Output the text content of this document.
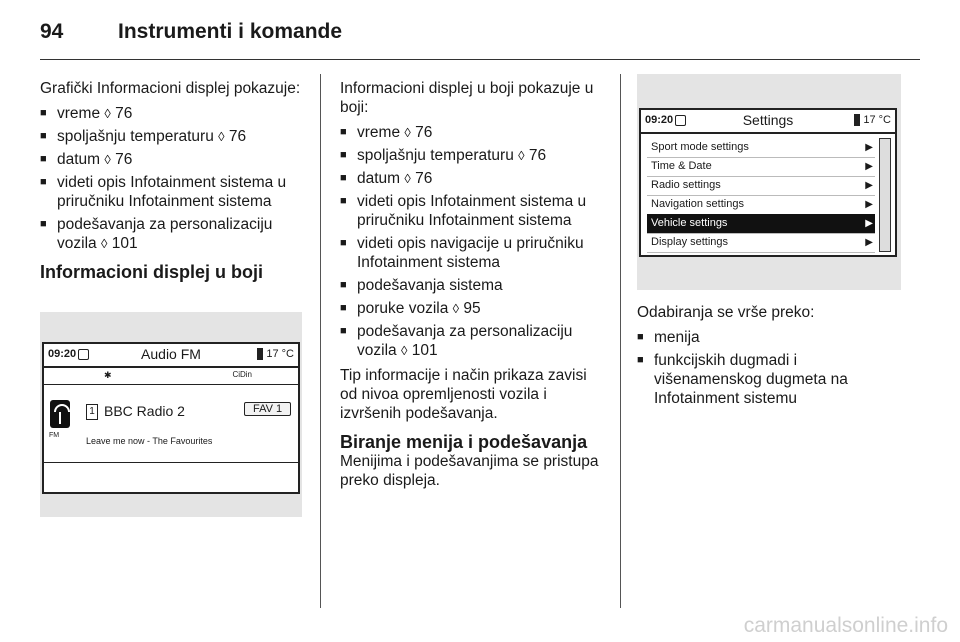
94	Instrumenti i komande

Grafički Informacioni displej pokazuje:

■ vreme ◊ 76
■ spoljašnju temperaturu ◊ 76
■ datum ◊ 76
■ videti opis Infotainment sistema u priručniku Infotainment sistema
■ podešavanja za personalizaciju vozila ◊ 101
Informacioni displej u boji
09:20	Audio FM	17 °C
✱	CiDin
1 BBC Radio 2	FAV 1
FM
Leave me now - The Favourites

Informacioni displej u boji pokazuje u boji:

■ vreme ◊ 76
■ spoljašnju temperaturu ◊ 76
■ datum ◊ 76
■ videti opis Infotainment sistema u priručniku Infotainment sistema
■ videti opis navigacije u priručniku Infotainment sistema
■ podešavanja sistema
■ poruke vozila ◊ 95
■ podešavanja za personalizaciju vozila ◊ 101

Tip informacije i način prikaza zavisi od nivoa opremljenosti vozila i izvršenih podešavanja.

Biranje menija i podešavanja

Menijima i podešavanjima se pristupa preko displeja.

09:20	Settings	17 °C
Sport mode settings	▶
Time & Date	▶
Radio settings	▶
Navigation settings	▶
Vehicle settings	▶
Display settings	▶

Odabiranja se vrše preko:

■ menija
■ funkcijskih dugmadi i višenamenskog dugmeta na Infotainment sistemu
carmanualsonline.info
